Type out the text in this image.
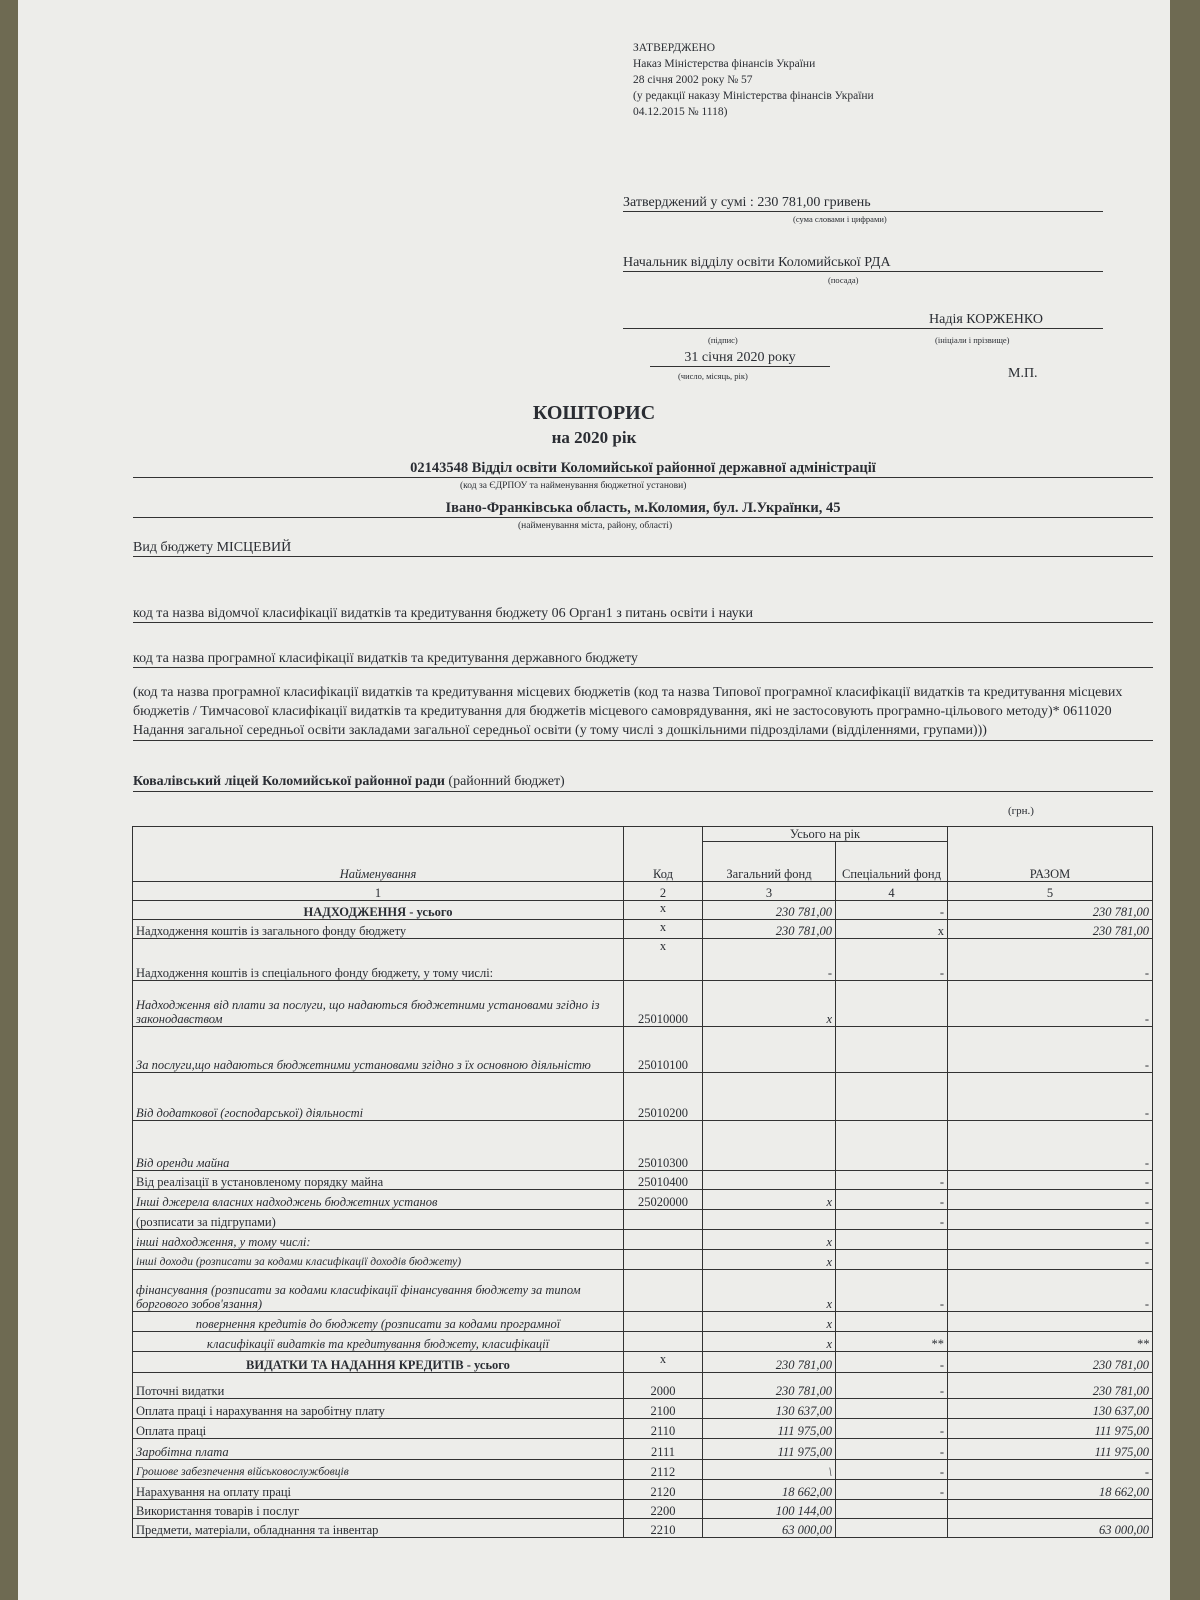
ЗАТВЕРДЖЕНО
Наказ Міністерства фінансів України
28 січня 2002 року № 57
(у редакції наказу Міністерства фінансів України
04.12.2015 № 1118)
Затверджений у сумі : 230 781,00 гривень
(сума словами і цифрами)
Начальник відділу освіти Коломийської РДА
(посада)
Надія КОРЖЕНКО
(підпис)	(ініціали і прізвище)
31 січня 2020 року
(число, місяць, рік)	М.П.
КОШТОРИС
на 2020 рік
02143548 Відділ освіти Коломийської районної державної адміністрації
(код за ЄДРПОУ та найменування бюджетної установи)
Івано-Франківська область, м.Коломия, бул. Л.Українки, 45
(найменування міста, району, області)
Вид бюджету МІСЦЕВИЙ
код та назва відомчої класифікації видатків та кредитування бюджету 06 Орган1 з питань освіти і науки
код та назва програмної класифікації видатків та кредитування державного бюджету
(код та назва програмної класифікації видатків та кредитування місцевих бюджетів (код та назва Типової програмної класифікації видатків та кредитування місцевих бюджетів / Тимчасової класифікації видатків та кредитування для бюджетів місцевого самоврядування, які не застосовують програмно-цільового методу)* 0611020 Надання загальної середньої освіти закладами загальної середньої освіти (у тому числі з дошкільними підрозділами (відділеннями, групами)))
Ковалівський ліцей Коломийської районної ради (районний бюджет)
(грн.)
Найменування	Код	Усього на рік		РАЗОМ
		Загальний фонд	Спеціальний фонд	
1	2	3	4	5
НАДХОДЖЕННЯ - усього	х	230 781,00	-	230 781,00
Надходження коштів із загального фонду бюджету	х	230 781,00	х	230 781,00
Надходження коштів із спеціального фонду бюджету, у тому числі:	х	-	-	-
Надходження від плати за послуги, що надаються бюджетними установами згідно із законодавством	25010000	х		-
За послуги,що надаються бюджетними установами згідно з їх основною діяльністю	25010100			-
Від додаткової (господарської) діяльності	25010200			-
Від оренди майна	25010300			-
Від реалізації в установленому порядку майна	25010400		-	-
Інші джерела власних надходжень бюджетних установ	25020000	х	-	-
(розписати за підгрупами)			-	-
інші надходження, у тому числі:		х		-
інші доходи (розписати за кодами класифікації доходів бюджету)		х		-
фінансування (розписати за кодами класифікації фінансування бюджету за типом боргового зобов'язання)		х	-	-
повернення кредитів до бюджету (розписати за кодами програмної		х		
класифікації видатків та кредитування бюджету, класифікації		х	**	**
ВИДАТКИ ТА НАДАННЯ КРЕДИТІВ - усього	х	230 781,00	-	230 781,00
Поточні видатки	2000	230 781,00	-	230 781,00
Оплата праці і нарахування на заробітну плату	2100	130 637,00		130 637,00
Оплата праці	2110	111 975,00	-	111 975,00
Заробітна плата	2111	111 975,00	-	111 975,00
Грошове забезпечення військовослужбовців	2112	\	-	-
Нарахування на оплату праці	2120	18 662,00	-	18 662,00
Використання товарів і послуг	2200	100 144,00		
Предмети, матеріали, обладнання та інвентар	2210	63 000,00		63 000,00
